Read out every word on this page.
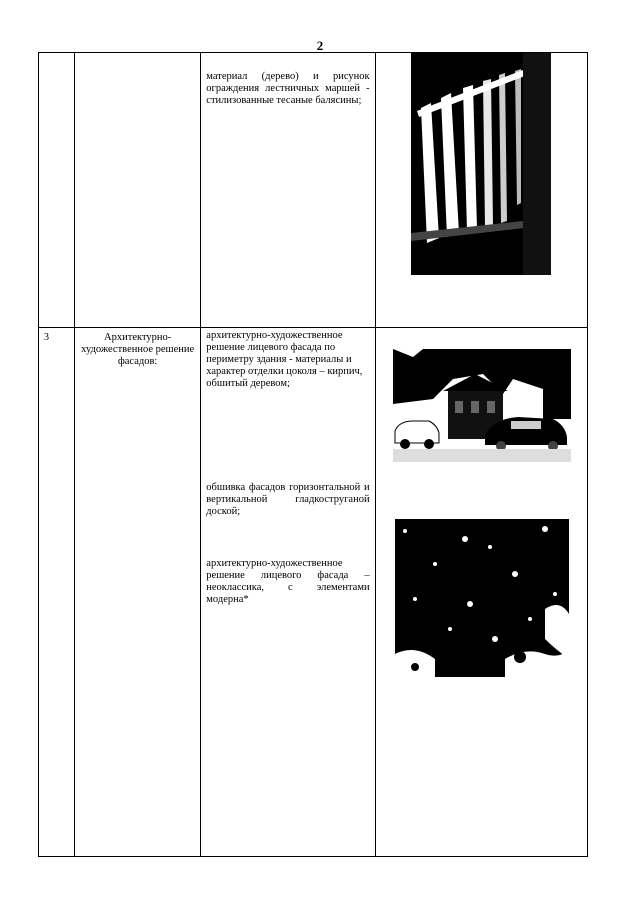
2

		материал (дерево) и рисунок ограждения лестничных маршей - стилизованные тесаные балясины;

3	Архитектурно-художественное решение фасадов:	архитектурно-художественное решение лицевого фасада по периметру здания - материалы и характер отделки цоколя – кирпич, обшитый деревом;
обшивка фасадов горизонтальной и вертикальной гладкоструганой доской;
архитектурно-художественное решение лицевого фасада – неоклассика, с элементами модерна*
